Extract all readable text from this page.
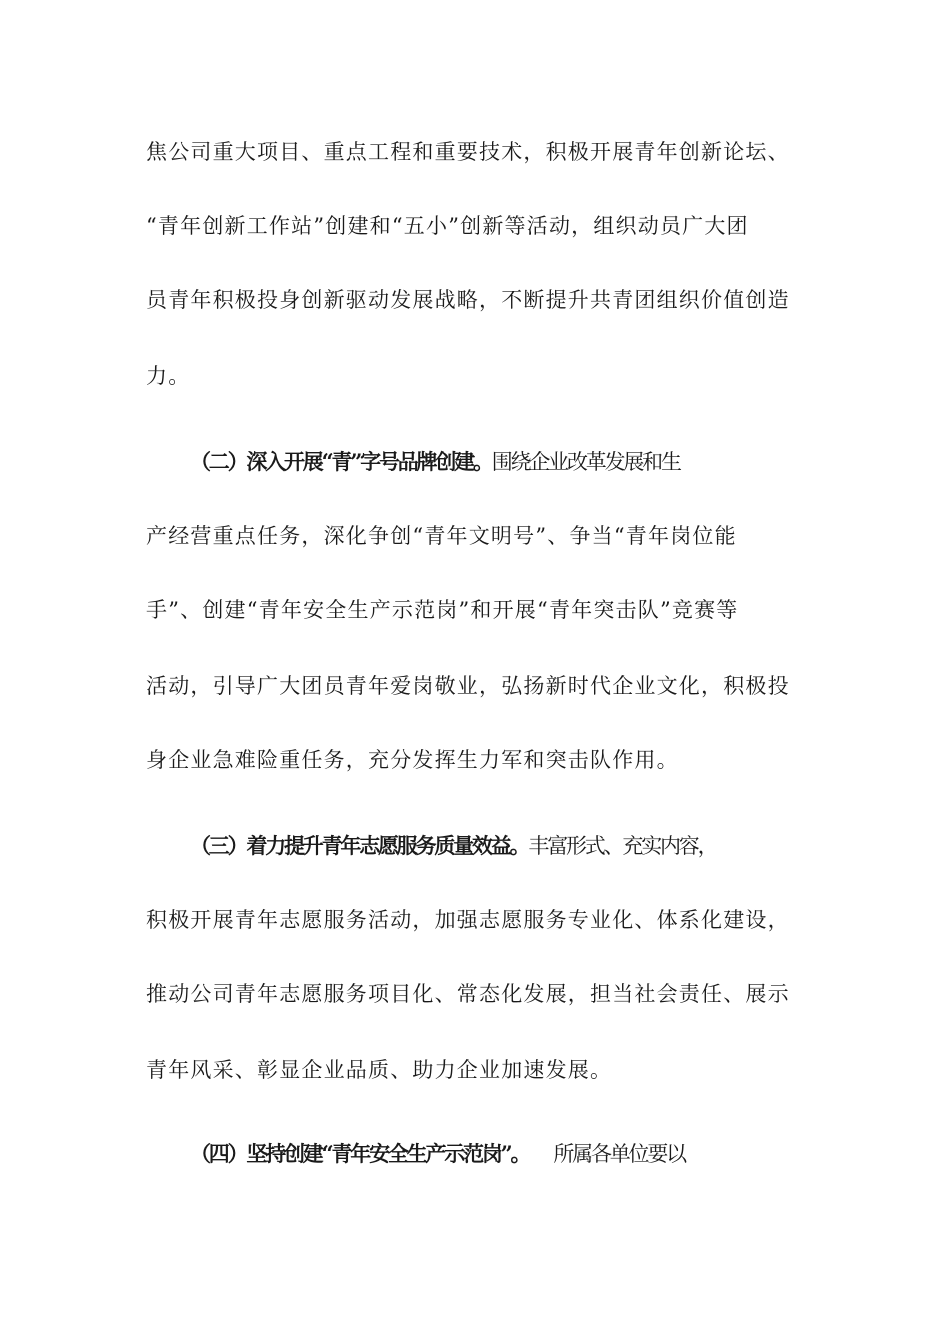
焦公司重大项目、重点工程和重要技术，积极开展青年创新论坛、
“青年创新工作站”创建和“五小”创新等活动，组织动员广大团
员青年积极投身创新驱动发展战略，不断提升共青团组织价值创造
力。
（二）深入开展“青”字号品牌创建。围绕企业改革发展和生
产经营重点任务，深化争创“青年文明号”、争当“青年岗位能
手”、创建“青年安全生产示范岗”和开展“青年突击队”竞赛等
活动，引导广大团员青年爱岗敬业，弘扬新时代企业文化，积极投
身企业急难险重任务，充分发挥生力军和突击队作用。
（三）着力提升青年志愿服务质量效益。丰富形式、充实内容，
积极开展青年志愿服务活动，加强志愿服务专业化、体系化建设，
推动公司青年志愿服务项目化、常态化发展，担当社会责任、展示
青年风采、彰显企业品质、助力企业加速发展。
（四）坚持创建“青年安全生产示范岗”。 所属各单位要以
